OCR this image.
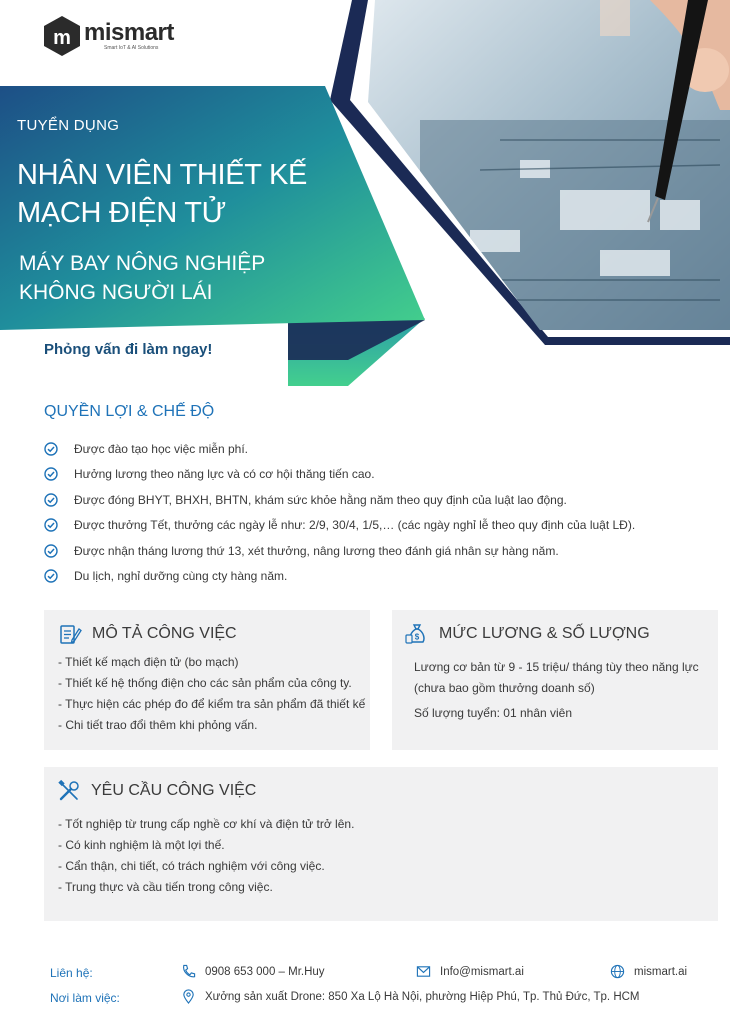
m mismart
Smart IoT & AI Solutions
TUYỂN DỤNG
NHÂN VIÊN THIẾT KẾ
MẠCH ĐIỆN TỬ
MÁY BAY NÔNG NGHIỆP
KHÔNG NGƯỜI LÁI
Phỏng vấn đi làm ngay!
QUYỀN LỢI & CHẾ ĐỘ
Được đào tạo học việc miễn phí.
Hưởng lương theo năng lực và có cơ hội thăng tiến cao.
Được đóng BHYT, BHXH, BHTN, khám sức khỏe hằng năm theo quy định của luật lao động.
Được thưởng Tết, thưởng các ngày lễ như: 2/9, 30/4, 1/5,… (các ngày nghỉ lễ theo quy định của luật LĐ).
Được nhận tháng lương thứ 13, xét thưởng, nâng lương theo đánh giá nhân sự hàng năm.
Du lịch, nghỉ dưỡng cùng cty hàng năm.
MÔ TẢ CÔNG VIỆC
- Thiết kế mạch điện tử (bo mạch)
- Thiết kế hệ thống điện cho các sản phẩm của công ty.
- Thực hiện các phép đo để kiểm tra sản phẩm đã thiết kế
- Chi tiết trao đổi thêm khi phỏng vấn.
$ MỨC LƯƠNG & SỐ LƯỢNG
Lương cơ bản từ 9 - 15 triệu/ tháng tùy theo năng lực (chưa bao gồm thưởng doanh số)
Số lượng tuyển: 01 nhân viên
YÊU CẦU CÔNG VIỆC
- Tốt nghiệp từ trung cấp nghề cơ khí và điện tử trở lên.
- Có kinh nghiệm là một lợi thế.
- Cẩn thận, chi tiết, có trách nghiệm với công việc.
- Trung thực và cầu tiến trong công việc.
Liên hệ:
Nơi làm việc:
0908 653 000 – Mr.Huy	Info@mismart.ai	mismart.ai
Xưởng sản xuất Drone: 850 Xa Lộ Hà Nội, phường Hiệp Phú, Tp. Thủ Đức, Tp. HCM
